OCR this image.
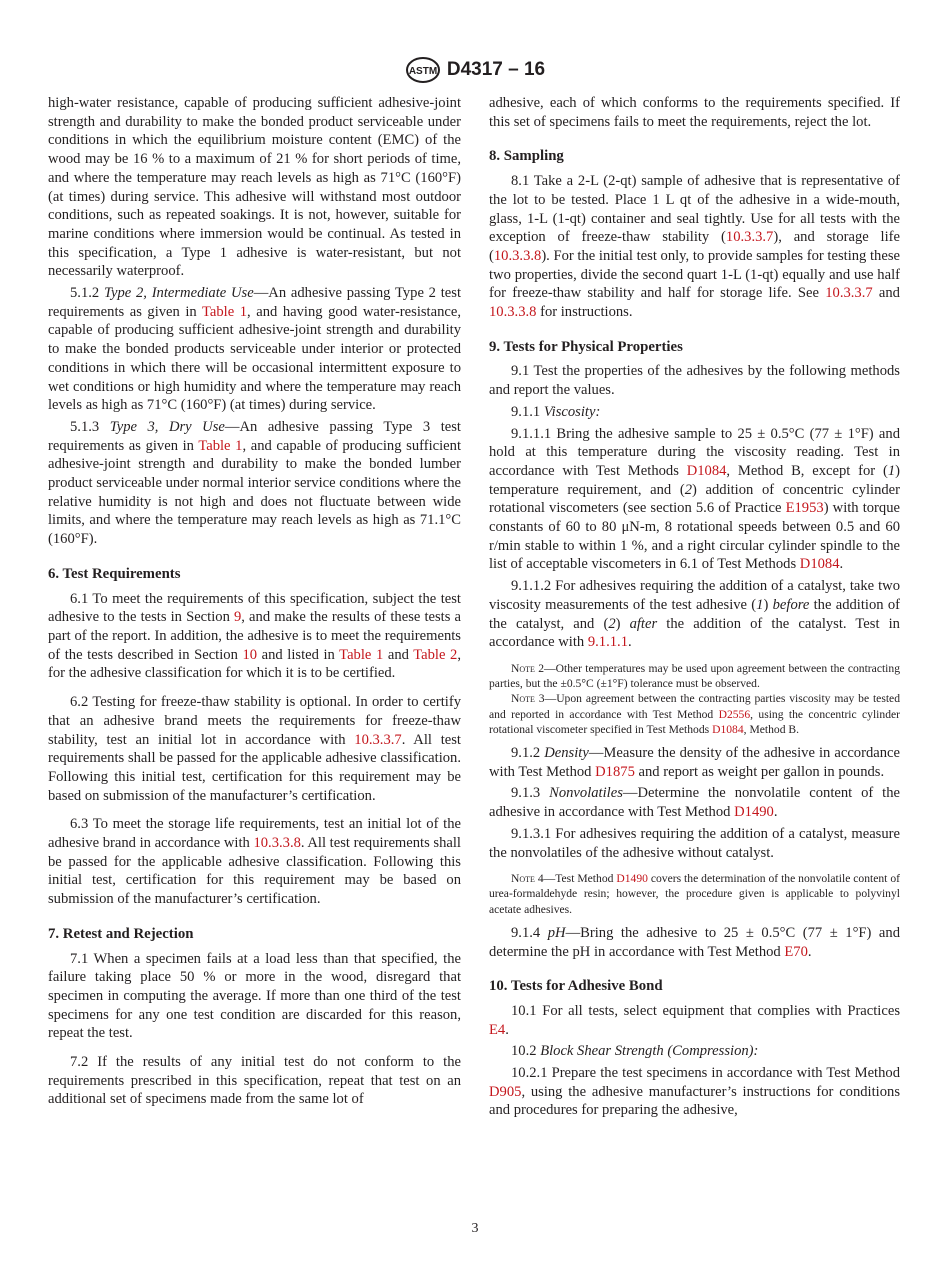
ASTM D4317 – 16

high-water resistance, capable of producing sufficient adhesive-joint strength and durability to make the bonded product serviceable under conditions in which the equilibrium moisture content (EMC) of the wood may be 16 % to a maximum of 21 % for short periods of time, and where the temperature may reach levels as high as 71°C (160°F) (at times) during service. This adhesive will withstand most outdoor conditions, such as repeated soakings. It is not, however, suitable for marine conditions where immersion would be continual. As tested in this specification, a Type 1 adhesive is water-resistant, but not necessarily waterproof.

5.1.2 Type 2, Intermediate Use—An adhesive passing Type 2 test requirements as given in Table 1, and having good water-resistance, capable of producing sufficient adhesive-joint strength and durability to make the bonded products serviceable under interior or protected conditions in which there will be occasional intermittent exposure to wet conditions or high humidity and where the temperature may reach levels as high as 71°C (160°F) (at times) during service.

5.1.3 Type 3, Dry Use—An adhesive passing Type 3 test requirements as given in Table 1, and capable of producing sufficient adhesive-joint strength and durability to make the bonded lumber product serviceable under normal interior service conditions where the relative humidity is not high and does not fluctuate between wide limits, and where the temperature may reach levels as high as 71.1°C (160°F).

6. Test Requirements

6.1 To meet the requirements of this specification, subject the test adhesive to the tests in Section 9, and make the results of these tests a part of the report. In addition, the adhesive is to meet the requirements of the tests described in Section 10 and listed in Table 1 and Table 2, for the adhesive classification for which it is to be certified.

6.2 Testing for freeze-thaw stability is optional. In order to certify that an adhesive brand meets the requirements for freeze-thaw stability, test an initial lot in accordance with 10.3.3.7. All test requirements shall be passed for the applicable adhesive classification. Following this initial test, certification for this requirement may be based on submission of the manufacturer’s certification.

6.3 To meet the storage life requirements, test an initial lot of the adhesive brand in accordance with 10.3.3.8. All test requirements shall be passed for the applicable adhesive classification. Following this initial test, certification for this requirement may be based on submission of the manufacturer’s certification.

7. Retest and Rejection

7.1 When a specimen fails at a load less than that specified, the failure taking place 50 % or more in the wood, disregard that specimen in computing the average. If more than one third of the test specimens for any one test condition are discarded for this reason, repeat the test.

7.2 If the results of any initial test do not conform to the requirements prescribed in this specification, repeat that test on an additional set of specimens made from the same lot of

adhesive, each of which conforms to the requirements specified. If this set of specimens fails to meet the requirements, reject the lot.

8. Sampling

8.1 Take a 2-L (2-qt) sample of adhesive that is representative of the lot to be tested. Place 1 L qt of the adhesive in a wide-mouth, glass, 1-L (1-qt) container and seal tightly. Use for all tests with the exception of freeze-thaw stability (10.3.3.7), and storage life (10.3.3.8). For the initial test only, to provide samples for testing these two properties, divide the second quart 1-L (1-qt) equally and use half for freeze-thaw stability and half for storage life. See 10.3.3.7 and 10.3.3.8 for instructions.

9. Tests for Physical Properties

9.1 Test the properties of the adhesives by the following methods and report the values.

9.1.1 Viscosity:

9.1.1.1 Bring the adhesive sample to 25 ± 0.5°C (77 ± 1°F) and hold at this temperature during the viscosity reading. Test in accordance with Test Methods D1084, Method B, except for (1) temperature requirement, and (2) addition of concentric cylinder rotational viscometers (see section 5.6 of Practice E1953) with torque constants of 60 to 80 μN-m, 8 rotational speeds between 0.5 and 60 r/min stable to within 1 %, and a right circular cylinder spindle to the list of acceptable viscometers in 6.1 of Test Methods D1084.

9.1.1.2 For adhesives requiring the addition of a catalyst, take two viscosity measurements of the test adhesive (1) before the addition of the catalyst, and (2) after the addition of the catalyst. Test in accordance with 9.1.1.1.

Note 2—Other temperatures may be used upon agreement between the contracting parties, but the ±0.5°C (±1°F) tolerance must be observed.

Note 3—Upon agreement between the contracting parties viscosity may be tested and reported in accordance with Test Method D2556, using the concentric cylinder rotational viscometer specified in Test Methods D1084, Method B.

9.1.2 Density—Measure the density of the adhesive in accordance with Test Method D1875 and report as weight per gallon in pounds.

9.1.3 Nonvolatiles—Determine the nonvolatile content of the adhesive in accordance with Test Method D1490.

9.1.3.1 For adhesives requiring the addition of a catalyst, measure the nonvolatiles of the adhesive without catalyst.

Note 4—Test Method D1490 covers the determination of the nonvolatile content of urea-formaldehyde resin; however, the procedure given is applicable to polyvinyl acetate adhesives.

9.1.4 pH—Bring the adhesive to 25 ± 0.5°C (77 ± 1°F) and determine the pH in accordance with Test Method E70.

10. Tests for Adhesive Bond

10.1 For all tests, select equipment that complies with Practices E4.

10.2 Block Shear Strength (Compression):

10.2.1 Prepare the test specimens in accordance with Test Method D905, using the adhesive manufacturer’s instructions for conditions and procedures for preparing the adhesive,

3
